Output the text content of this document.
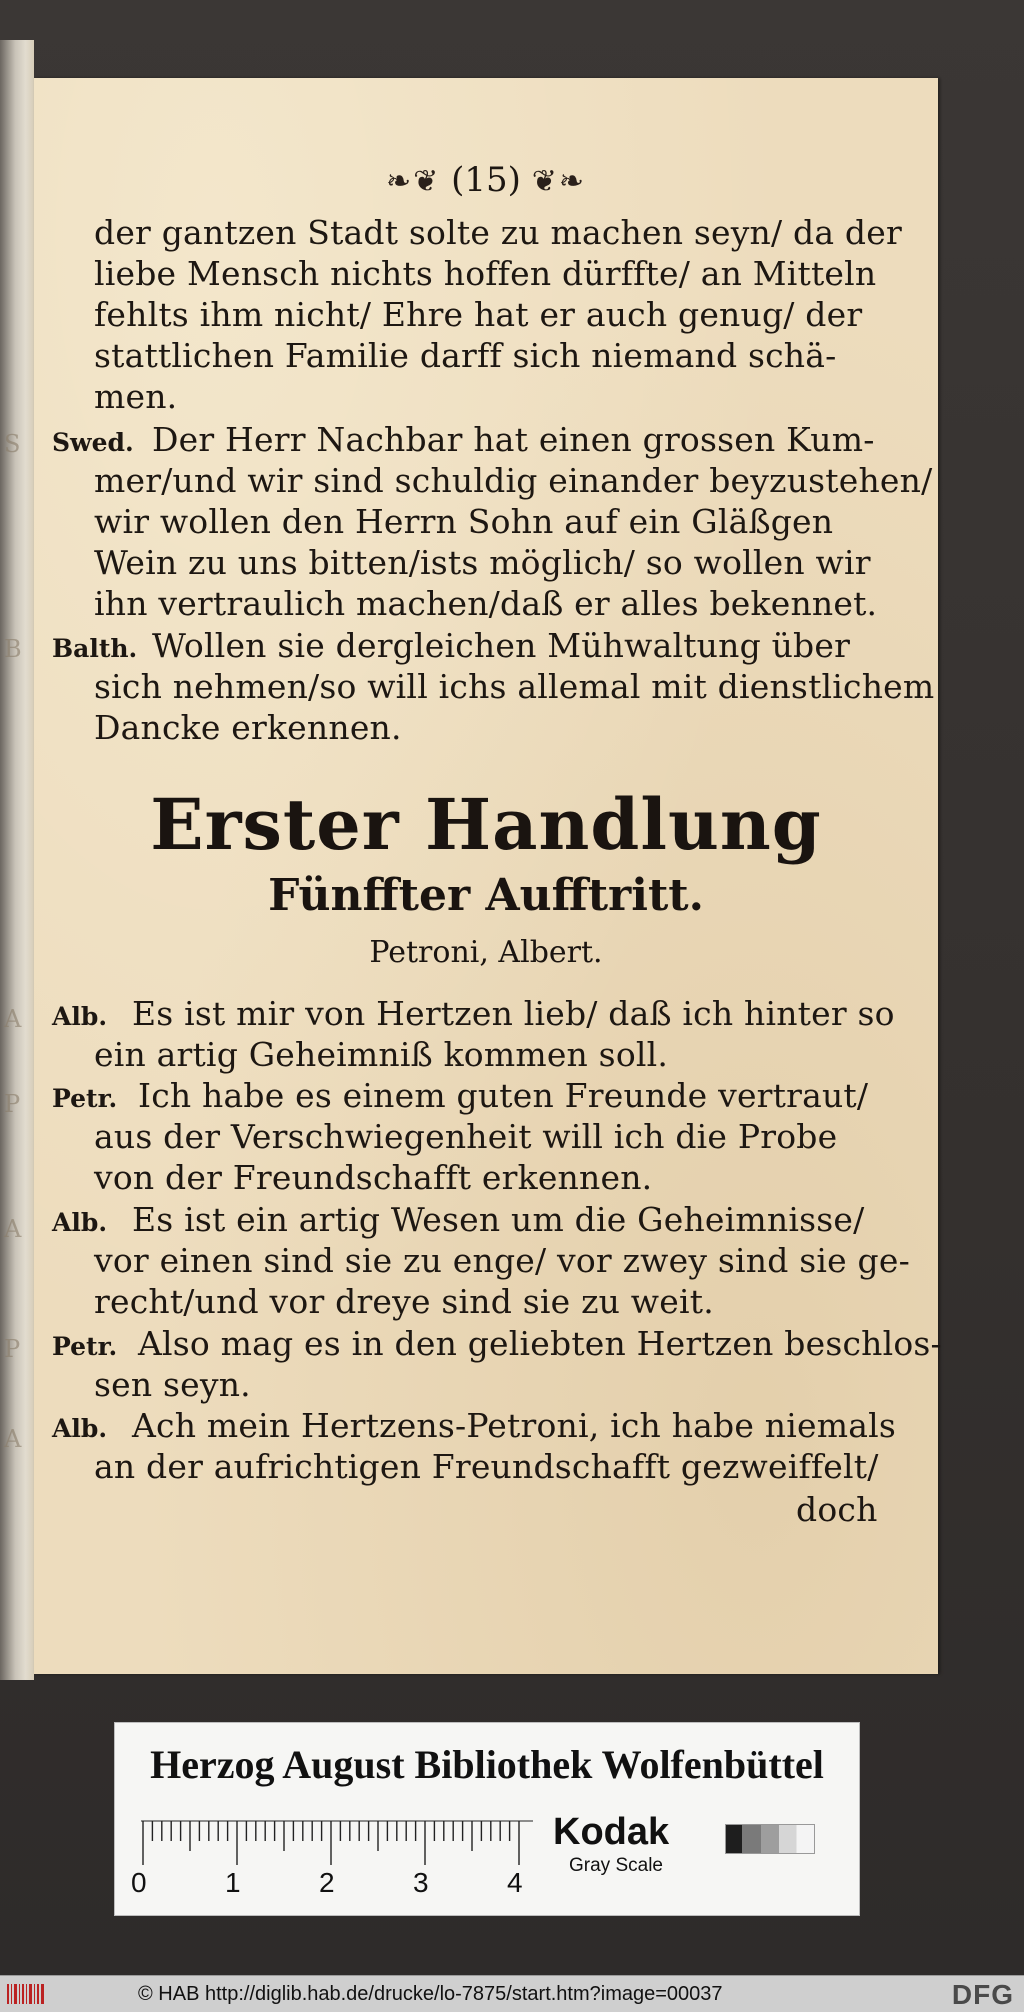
S
B
A
P
A
P
A
❧❦ (15) ❦❧
der gantzen Stadt solte zu machen seyn/ da der
liebe Mensch nichts hoffen dürffte/ an Mitteln
fehlts ihm nicht/ Ehre hat er auch genug/ der
stattlichen Familie darff sich niemand schä-
men.
Swed. Der Herr Nachbar hat einen grossen Kum-
mer/und wir sind schuldig einander beyzustehen/
wir wollen den Herrn Sohn auf ein Gläßgen
Wein zu uns bitten/ists möglich/ so wollen wir
ihn vertraulich machen/daß er alles bekennet.
Balth. Wollen sie dergleichen Mühwaltung über
sich nehmen/so will ichs allemal mit dienstlichem
Dancke erkennen.
Erster Handlung
Fünffter Aufftritt.
Petroni, Albert.
Alb. Es ist mir von Hertzen lieb/ daß ich hinter so
ein artig Geheimniß kommen soll.
Petr. Ich habe es einem guten Freunde vertraut/
aus der Verschwiegenheit will ich die Probe
von der Freundschafft erkennen.
Alb. Es ist ein artig Wesen um die Geheimnisse/
vor einen sind sie zu enge/ vor zwey sind sie ge-
recht/und vor dreye sind sie zu weit.
Petr. Also mag es in den geliebten Hertzen beschlos-
sen seyn.
Alb. Ach mein Hertzens-Petroni, ich habe niemals
an der aufrichtigen Freundschafft gezweiffelt/
doch
Herzog August Bibliothek Wolfenbüttel
0	1	2	3	4
Kodak
Gray Scale
© HAB http://diglib.hab.de/drucke/lo-7875/start.htm?image=00037	DFG
